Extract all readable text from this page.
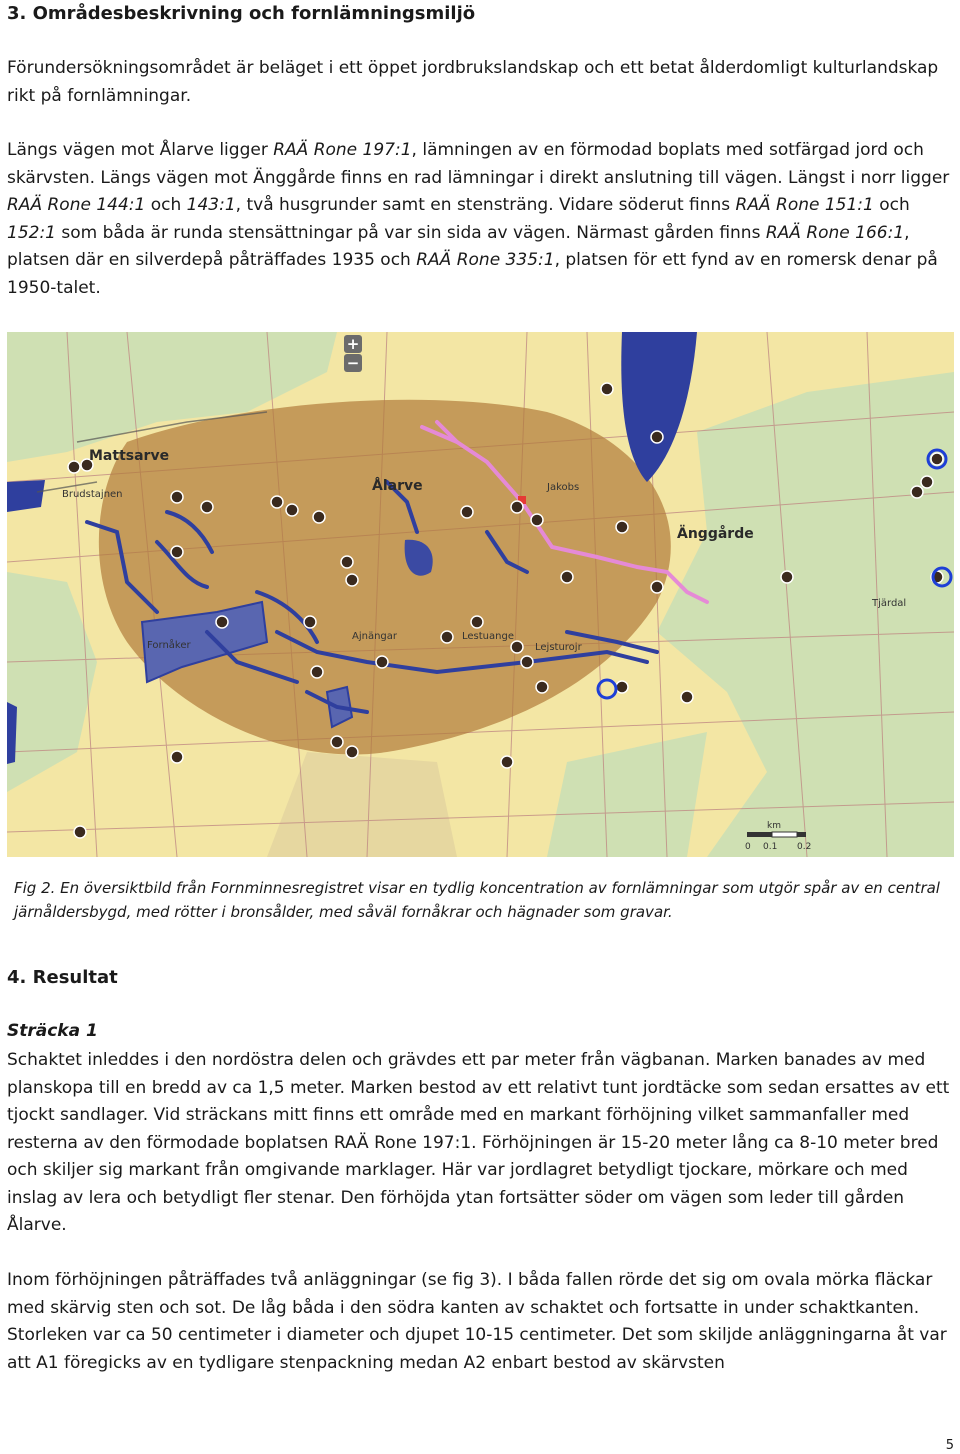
3. Områdesbeskrivning och fornlämningsmiljö

Förundersökningsområdet är beläget i ett öppet jordbrukslandskap och ett betat ålderdomligt kulturlandskap rikt på fornlämningar.

Längs vägen mot Ålarve ligger RAÄ Rone 197:1, lämningen av en förmodad boplats med sotfärgad jord och skärvsten. Längs vägen mot Änggårde finns en rad lämningar i direkt anslutning till vägen. Längst i norr ligger RAÄ Rone 144:1 och 143:1, två husgrunder samt en stensträng. Vidare söderut finns RAÄ Rone 151:1 och 152:1 som båda är runda stensättningar på var sin sida av vägen. Närmast gården finns RAÄ Rone 166:1, platsen där en silverdepå påträffades 1935 och RAÄ Rone 335:1, platsen för ett fynd av en romersk denar på 1950-talet.

+
−
Mattsarve
Brudstajnen
Ålarve	Jakobs
Änggårde
Tjärdal
Fornåker
Ajnängar	Lestuange
Lejsturojr
km
0 0.1 0.2

Fig 2. En översiktbild från Fornminnesregistret visar en tydlig koncentration av fornlämningar som utgör spår av en central järnåldersbygd, med rötter i bronsålder, med såväl fornåkrar och hägnader som gravar.

4. Resultat
Sträcka 1

Schaktet inleddes i den nordöstra delen och grävdes ett par meter från vägbanan. Marken banades av med planskopa till en bredd av ca 1,5 meter. Marken bestod av ett relativt tunt jordtäcke som sedan ersattes av ett tjockt sandlager. Vid sträckans mitt finns ett område med en markant förhöjning vilket sammanfaller med resterna av den förmodade boplatsen RAÄ Rone 197:1. Förhöjningen är 15-20 meter lång ca 8-10 meter bred och skiljer sig markant från omgivande marklager. Här var jordlagret betydligt tjockare, mörkare och med inslag av lera och betydligt fler stenar. Den förhöjda ytan fortsätter söder om vägen som leder till gården Ålarve.

Inom förhöjningen påträffades två anläggningar (se fig 3). I båda fallen rörde det sig om ovala mörka fläckar med skärvig sten och sot. De låg båda i den södra kanten av schaktet och fortsatte in under schaktkanten. Storleken var ca 50 centimeter i diameter och djupet 10-15 centimeter. Det som skiljde anläggningarna åt var att A1 föregicks av en tydligare stenpackning medan A2 enbart bestod av skärvsten

5
